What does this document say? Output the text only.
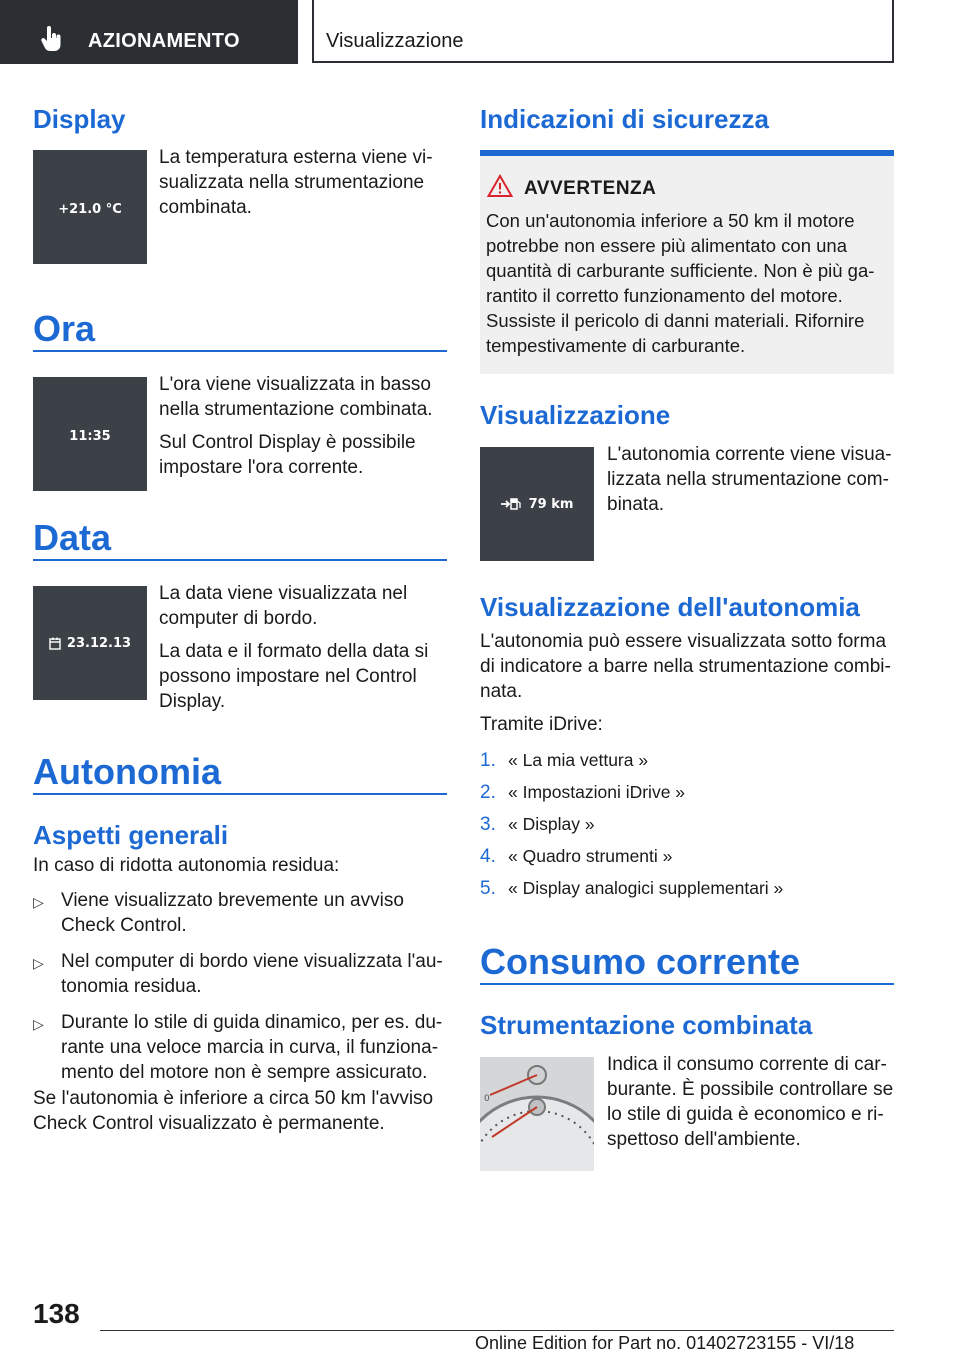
AZIONAMENTO	Visualizzazione
Display
+21.0 °C

La temperatura esterna viene vi-sualizzata nella strumentazione combinata.

Ora
11:35

L'ora viene visualizzata in basso nella strumentazione combinata.

Sul Control Display è possibile impostare l'ora corrente.

Data
23.12.13

La data viene visualizzata nel computer di bordo.

La data e il formato della data si possono impostare nel Control Display.

Autonomia
Aspetti generali

In caso di ridotta autonomia residua:

▷ Viene visualizzato brevemente un avviso Check Control.
▷ Nel computer di bordo viene visualizzata l'au-tonomia residua.
▷ Durante lo stile di guida dinamico, per es. du-rante una veloce marcia in curva, il funziona-mento del motore non è sempre assicurato.

Se l'autonomia è inferiore a circa 50 km l'avviso Check Control visualizzato è permanente.

Indicazioni di sicurezza
AVVERTENZA
Con un'autonomia inferiore a 50 km il motore potrebbe non essere più alimentato con una quantità di carburante sufficiente. Non è più ga-rantito il corretto funzionamento del motore. Sussiste il pericolo di danni materiali. Rifornire tempestivamente di carburante.
Visualizzazione
79 km

L'autonomia corrente viene visua-lizzata nella strumentazione com-binata.

Visualizzazione dell'autonomia

L'autonomia può essere visualizzata sotto forma di indicatore a barre nella strumentazione combi-nata.

Tramite iDrive:

1. « La mia vettura »
2. « Impostazioni iDrive »
3. « Display »
4. « Quadro strumenti »
5. « Display analogici supplementari »
Consumo corrente
Strumentazione combinata
0

Indica il consumo corrente di car-burante. È possibile controllare se lo stile di guida è economico e ri-spettoso dell'ambiente.

138
Online Edition for Part no. 01402723155 - VI/18
